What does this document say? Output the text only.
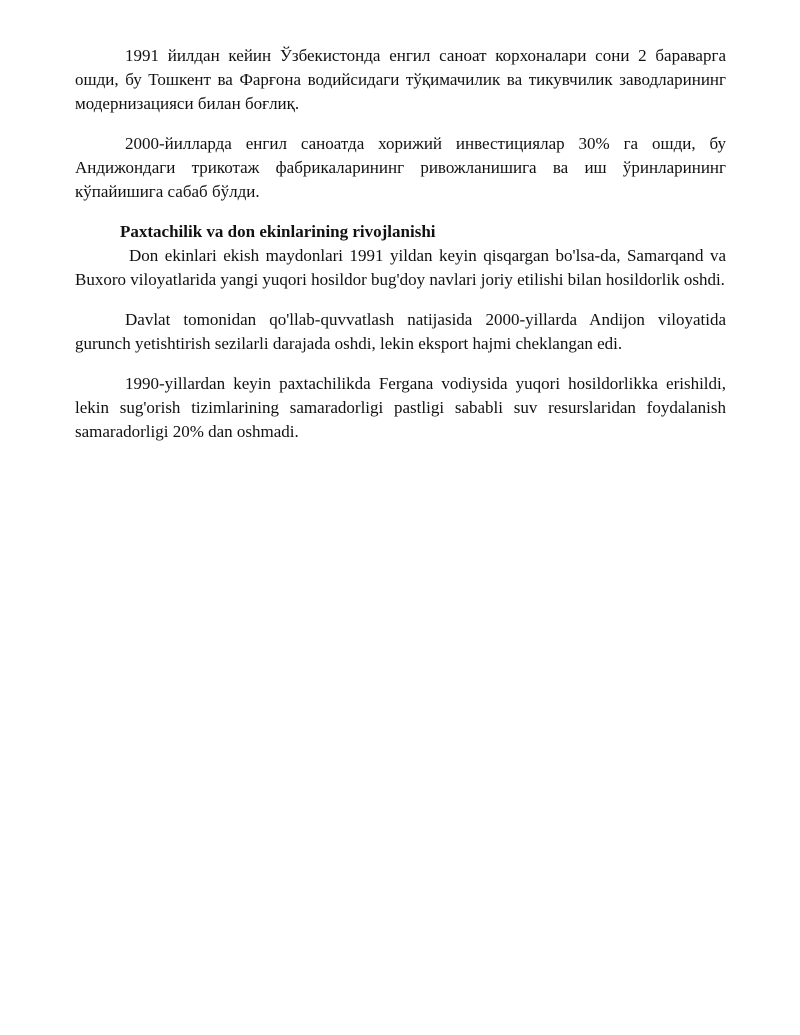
1991 йилдан кейин Ўзбекистонда енгил саноат корхоналари сони 2 бараварга ошди, бу Тошкент ва Фарғона водийсидаги тўқимачилик ва тикувчилик заводларининг модернизацияси билан боғлиқ.

2000-йилларда енгил саноатда хорижий инвестициялар 30% га ошди, бу Андижондаги трикотаж фабрикаларининг ривожланишига ва иш ўринларининг кўпайишига сабаб бўлди.

Paxtachilik va don ekinlarining rivojlanishi

Don ekinlari ekish maydonlari 1991 yildan keyin qisqargan bo'lsa-da, Samarqand va Buxoro viloyatlarida yangi yuqori hosildor bug'doy navlari joriy etilishi bilan hosildorlik oshdi.

Davlat tomonidan qo'llab-quvvatlash natijasida 2000-yillarda Andijon viloyatida gurunch yetishtirish sezilarli darajada oshdi, lekin eksport hajmi cheklangan edi.

1990-yillardan keyin paxtachilikda Fergana vodiysida yuqori hosildorlikka erishildi, lekin sug'orish tizimlarining samaradorligi pastligi sababli suv resurslaridan foydalanish samaradorligi 20% dan oshmadi.
